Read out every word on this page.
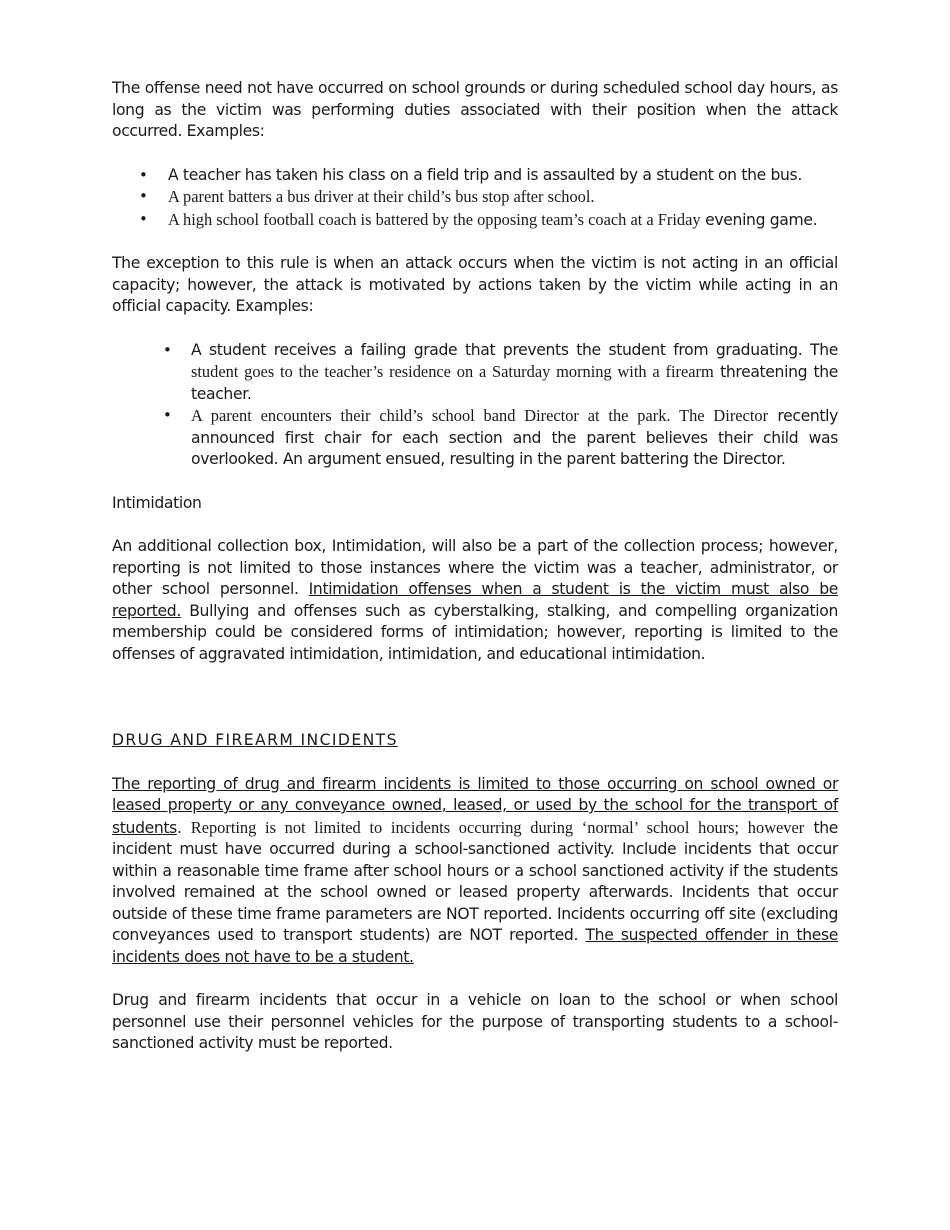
The offense need not have occurred on school grounds or during scheduled school day hours, as long as the victim was performing duties associated with their position when the attack occurred. Examples:

• A teacher has taken his class on a field trip and is assaulted by a student on the bus.
• A parent batters a bus driver at their child’s bus stop after school.
• A high school football coach is battered by the opposing team’s coach at a Friday evening game.

The exception to this rule is when an attack occurs when the victim is not acting in an official capacity; however, the attack is motivated by actions taken by the victim while acting in an official capacity. Examples:

• A student receives a failing grade that prevents the student from graduating. The student goes to the teacher’s residence on a Saturday morning with a firearm threatening the teacher.
• A parent encounters their child’s school band Director at the park. The Director recently announced first chair for each section and the parent believes their child was overlooked. An argument ensued, resulting in the parent battering the Director.

Intimidation

An additional collection box, Intimidation, will also be a part of the collection process; however, reporting is not limited to those instances where the victim was a teacher, administrator, or other school personnel. Intimidation offenses when a student is the victim must also be reported. Bullying and offenses such as cyberstalking, stalking, and compelling organization membership could be considered forms of intimidation; however, reporting is limited to the offenses of aggravated intimidation, intimidation, and educational intimidation.

DRUG AND FIREARM INCIDENTS

The reporting of drug and firearm incidents is limited to those occurring on school owned or leased property or any conveyance owned, leased, or used by the school for the transport of students. Reporting is not limited to incidents occurring during ‘normal’ school hours; however the incident must have occurred during a school-sanctioned activity. Include incidents that occur within a reasonable time frame after school hours or a school sanctioned activity if the students involved remained at the school owned or leased property afterwards. Incidents that occur outside of these time frame parameters are NOT reported. Incidents occurring off site (excluding conveyances used to transport students) are NOT reported. The suspected offender in these incidents does not have to be a student.

Drug and firearm incidents that occur in a vehicle on loan to the school or when school personnel use their personnel vehicles for the purpose of transporting students to a school-sanctioned activity must be reported.
